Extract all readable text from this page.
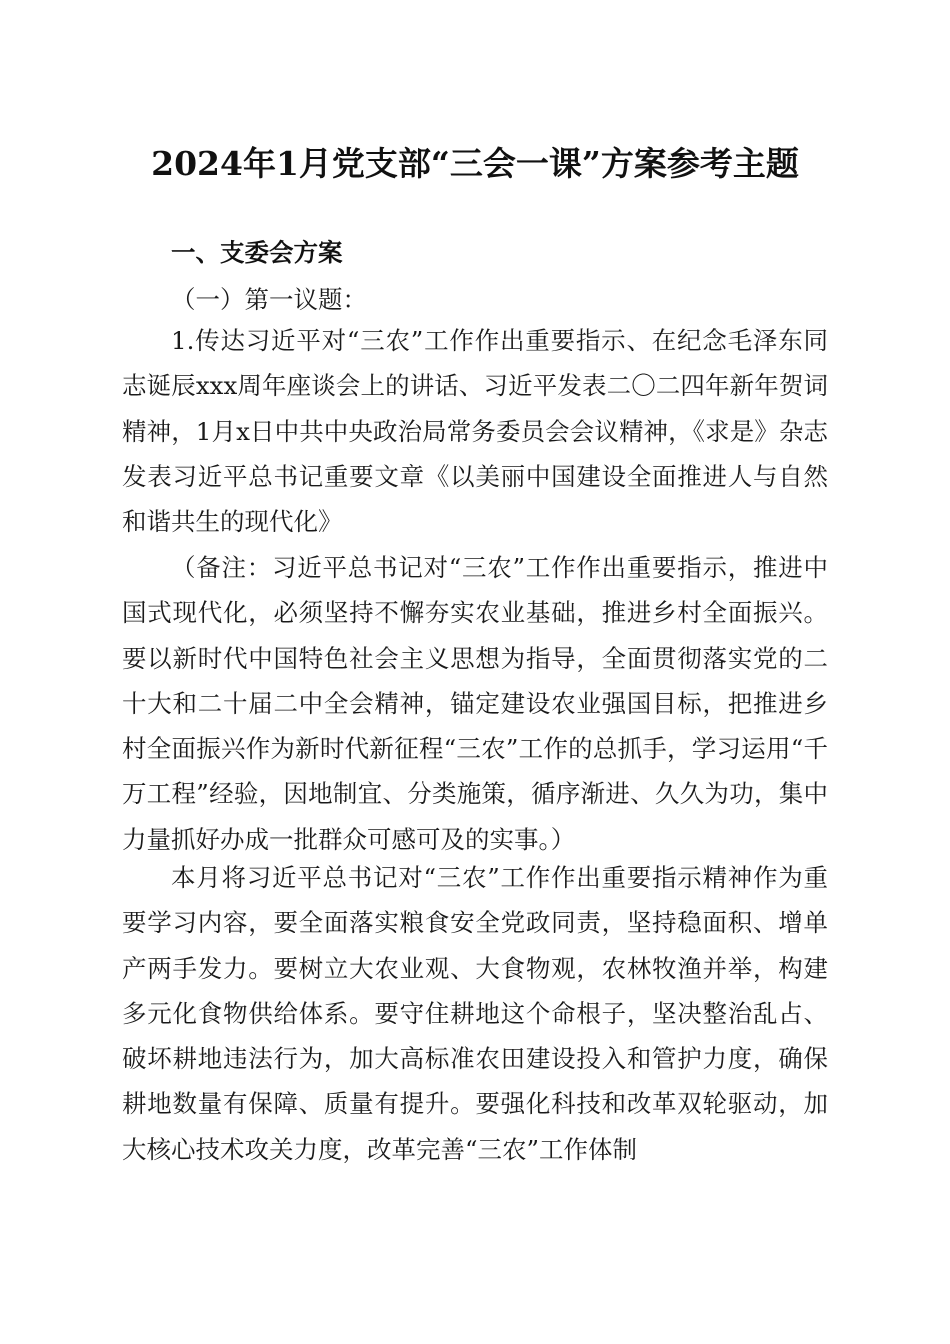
2024年1月党支部“三会一课”方案参考主题
一、支委会方案
（一）第一议题：

1.传达习近平对“三农”工作作出重要指示、在纪念毛泽东同志诞辰xxx周年座谈会上的讲话、习近平发表二〇二四年新年贺词精神，1月x日中共中央政治局常务委员会会议精神，《求是》杂志发表习近平总书记重要文章《以美丽中国建设全面推进人与自然和谐共生的现代化》

（备注：习近平总书记对“三农”工作作出重要指示，推进中国式现代化，必须坚持不懈夯实农业基础，推进乡村全面振兴。要以新时代中国特色社会主义思想为指导，全面贯彻落实党的二十大和二十届二中全会精神，锚定建设农业强国目标，把推进乡村全面振兴作为新时代新征程“三农”工作的总抓手，学习运用“千万工程”经验，因地制宜、分类施策，循序渐进、久久为功，集中力量抓好办成一批群众可感可及的实事。）

本月将习近平总书记对“三农”工作作出重要指示精神作为重要学习内容，要全面落实粮食安全党政同责，坚持稳面积、增单产两手发力。要树立大农业观、大食物观，农林牧渔并举，构建多元化食物供给体系。要守住耕地这个命根子，坚决整治乱占、破坏耕地违法行为，加大高标准农田建设投入和管护力度，确保耕地数量有保障、质量有提升。要强化科技和改革双轮驱动，加大核心技术攻关力度，改革完善“三农”工作体制
